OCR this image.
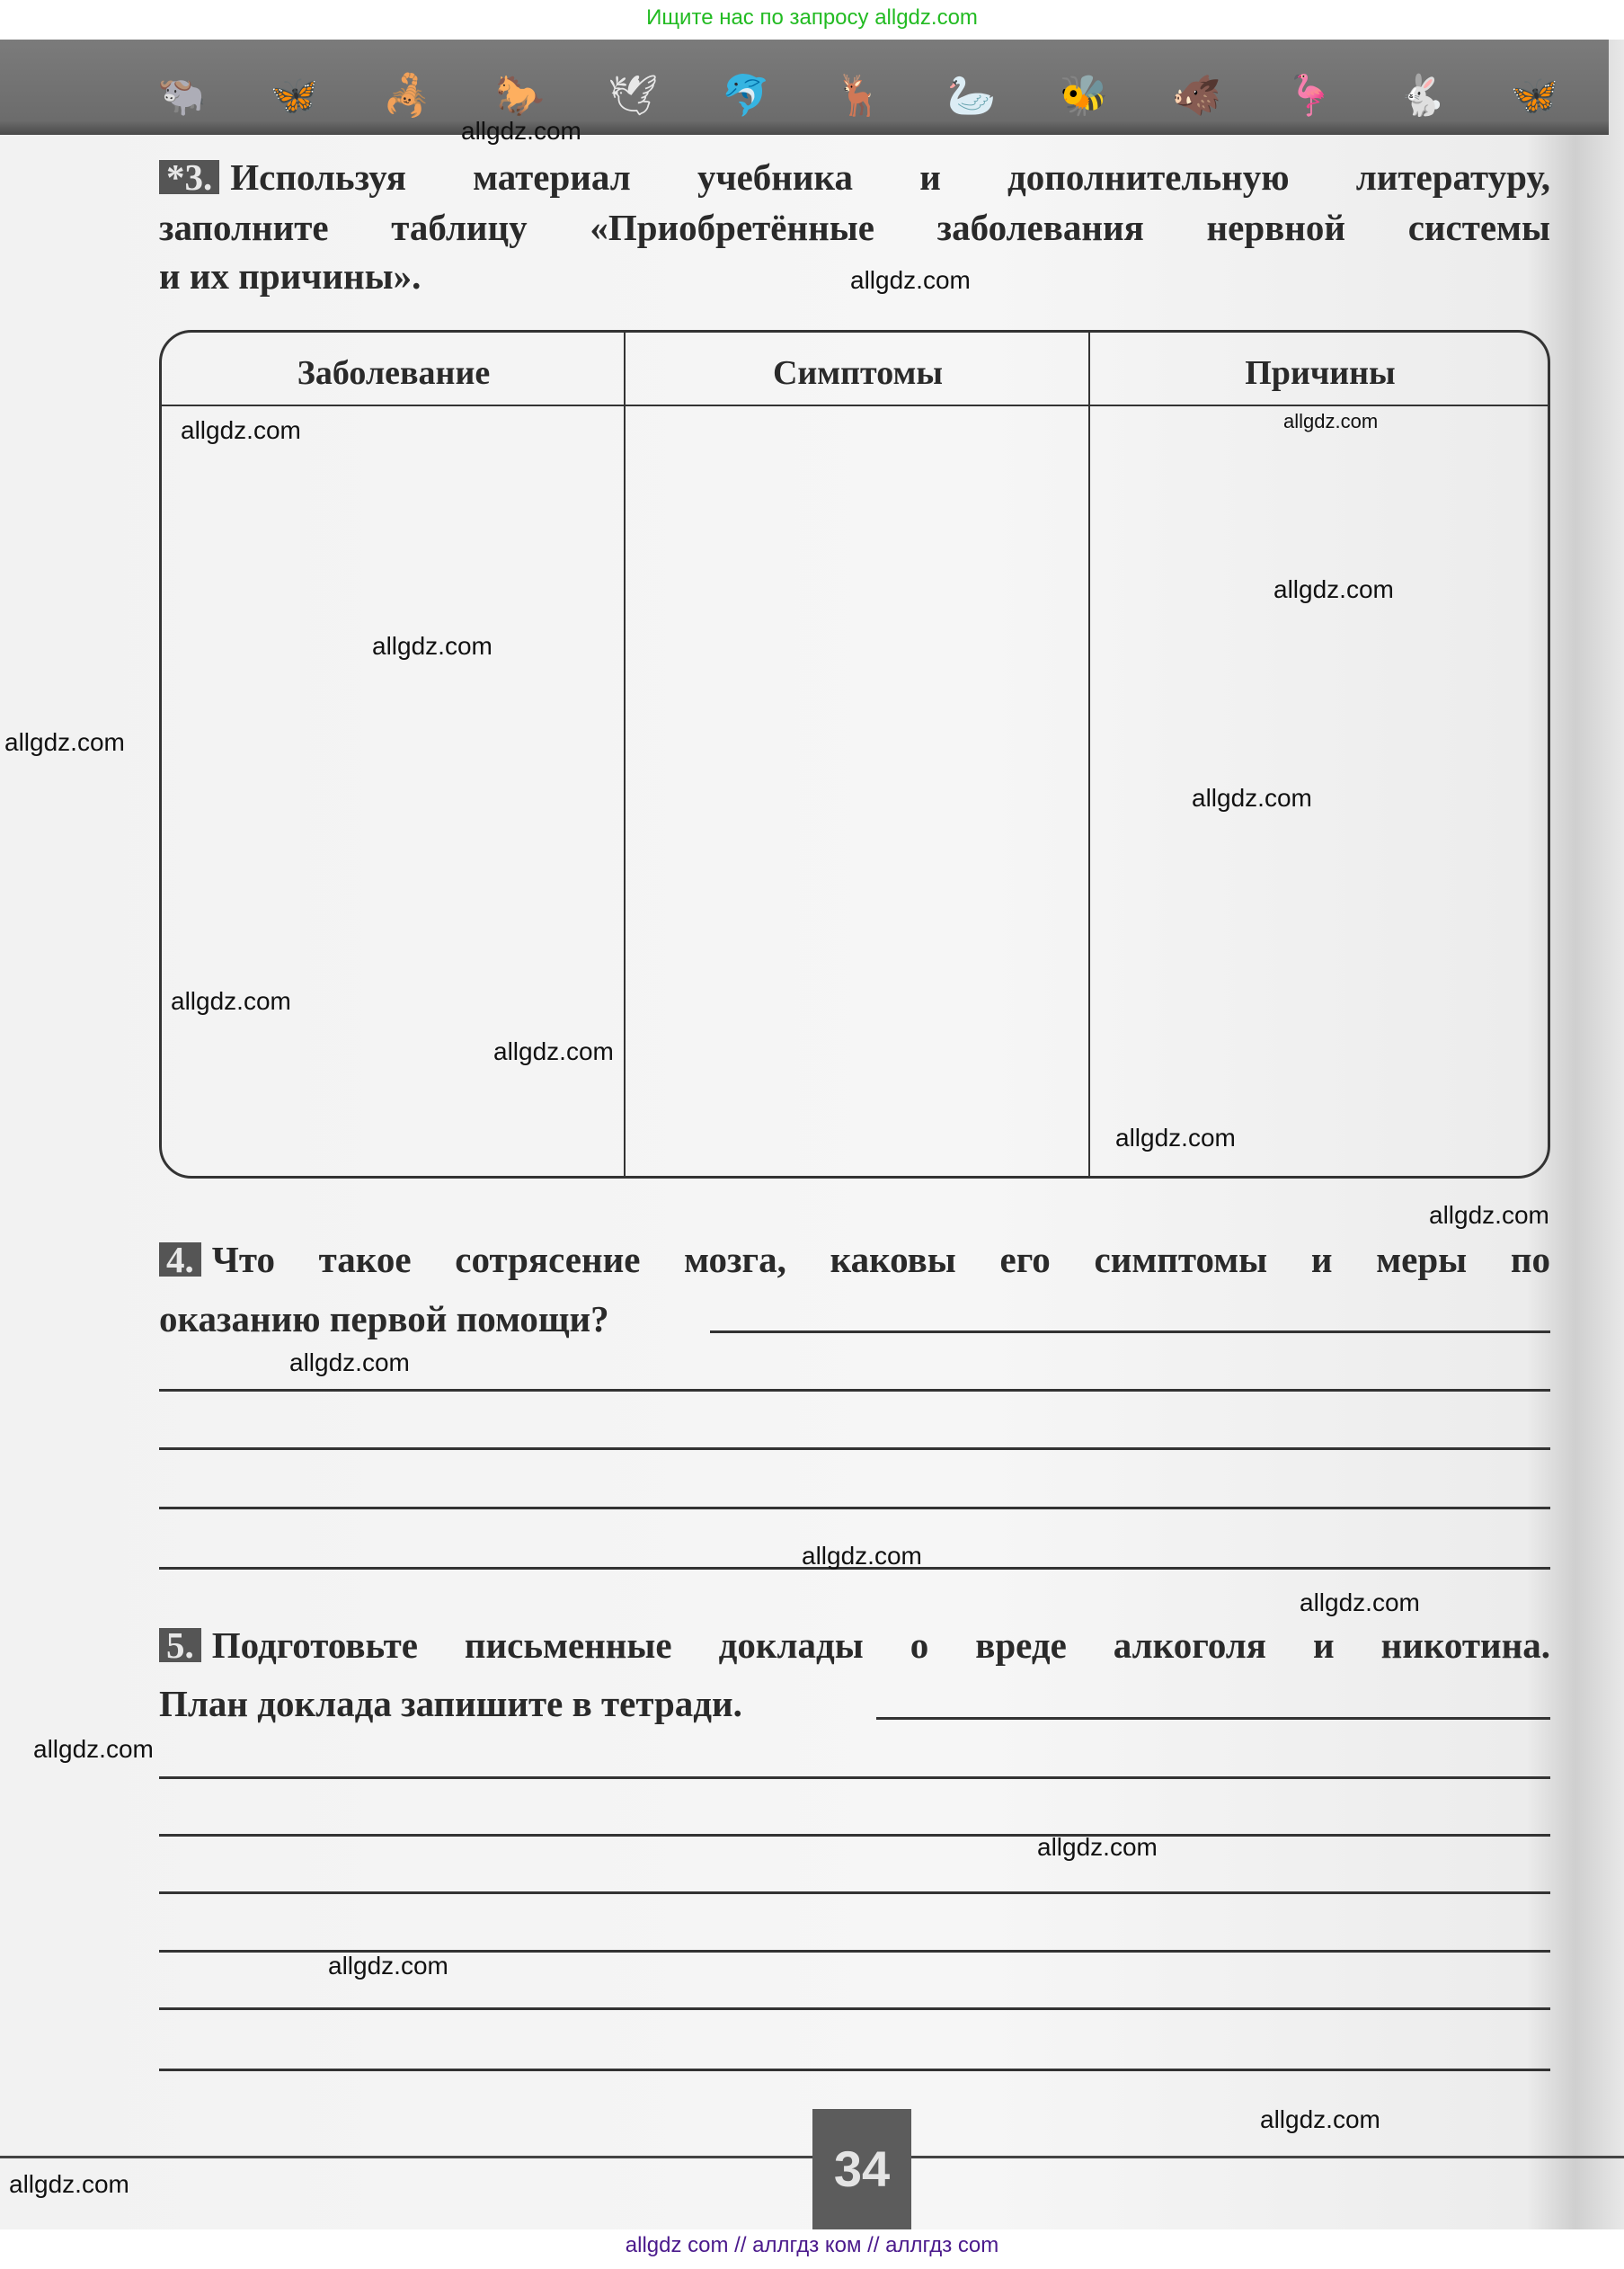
Ищите нас по запросу allgdz.com
🐃 🦋 🦂 🐎 🕊 🐬 🦌 🦢 🐝 🐗 🦩 🐇 🦋
*3. Используя материал учебника и дополнительную литературу,
заполните таблицу «Приобретённые заболевания нервной системы
и их причины».
Заболевание	Симптомы	Причины
4. Что такое сотрясение мозга, каковы его симптомы и меры по
оказанию первой помощи?
5. Подготовьте письменные доклады о вреде алкоголя и никотина.
План доклада запишите в тетради.
34
allgdz.com
allgdz.com
allgdz.com
allgdz.com
allgdz.com
allgdz.com
allgdz.com
allgdz.com
allgdz.com
allgdz.com
allgdz.com
allgdz.com
allgdz.com
allgdz.com
allgdz.com
allgdz.com
allgdz.com
allgdz.com
allgdz.com
allgdz.com
allgdz com // аллгдз ком // аллгдз com
